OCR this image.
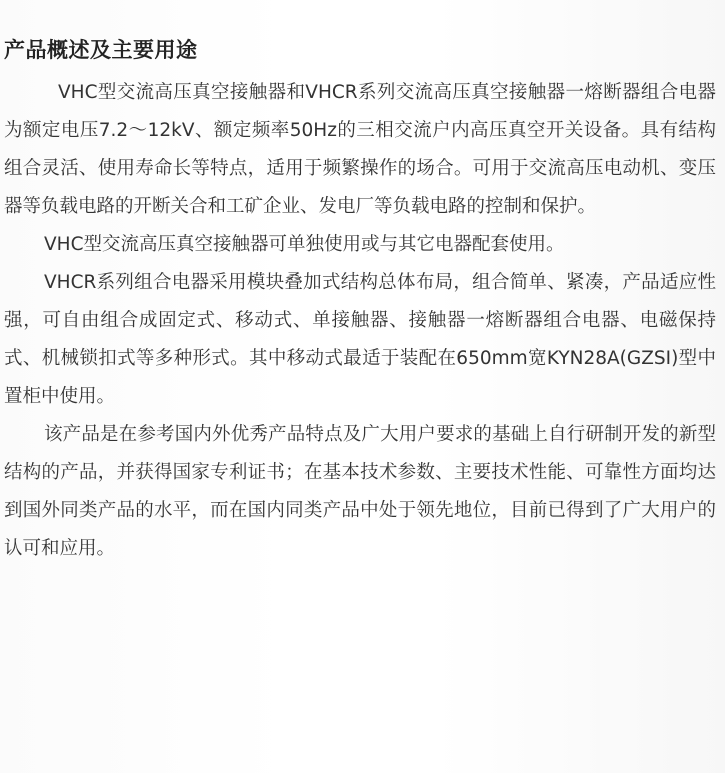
产品概述及主要用途

VHC型交流高压真空接触器和VHCR系列交流高压真空接触器一熔断器组合电器为额定电压7.2～12kV、额定频率50Hz的三相交流户内高压真空开关设备。具有结构组合灵活、使用寿命长等特点，适用于频繁操作的场合。可用于交流高压电动机、变压器等负载电路的开断关合和工矿企业、发电厂等负载电路的控制和保护。

VHC型交流高压真空接触器可单独使用或与其它电器配套使用。

VHCR系列组合电器采用模块叠加式结构总体布局，组合简单、紧凑，产品适应性强，可自由组合成固定式、移动式、单接触器、接触器一熔断器组合电器、电磁保持式、机械锁扣式等多种形式。其中移动式最适于装配在650mm宽KYN28A(GZSI)型中置柜中使用。

该产品是在参考国内外优秀产品特点及广大用户要求的基础上自行研制开发的新型结构的产品，并获得国家专利证书；在基本技术参数、主要技术性能、可靠性方面均达到国外同类产品的水平，而在国内同类产品中处于领先地位，目前已得到了广大用户的认可和应用。
